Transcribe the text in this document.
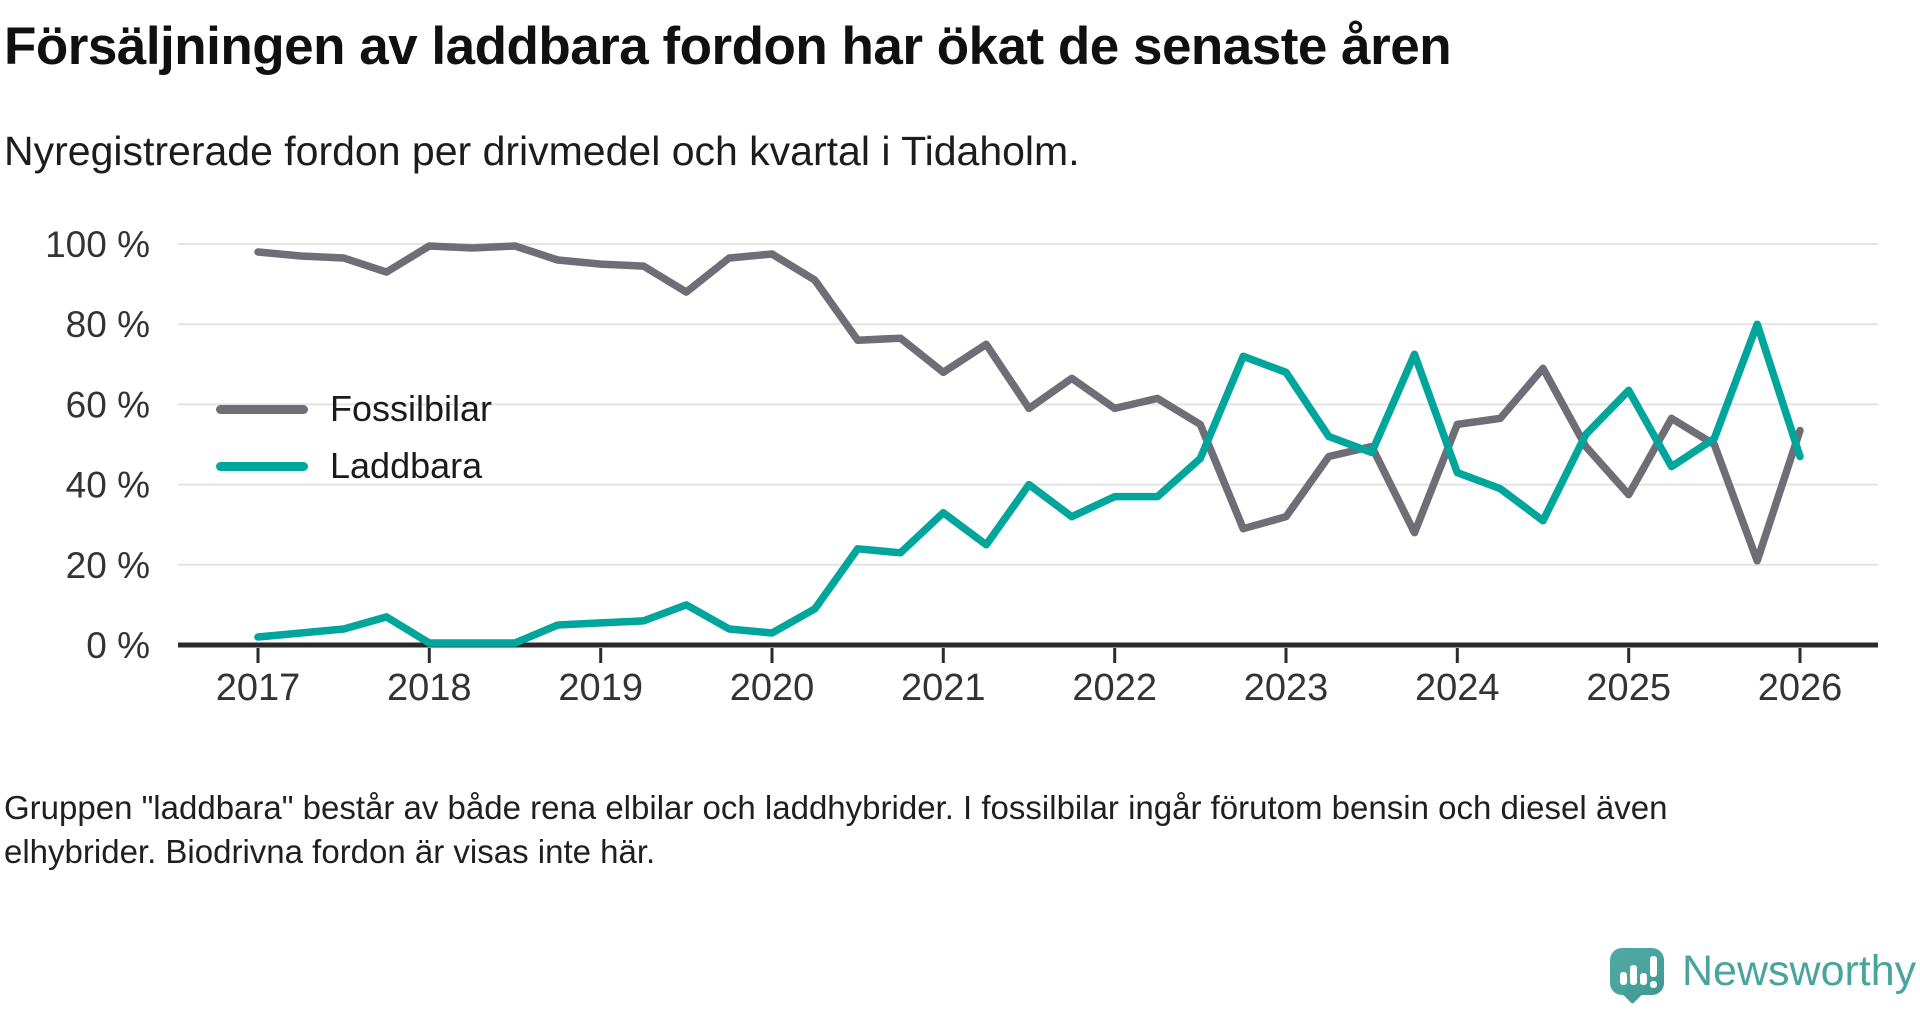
Försäljningen av laddbara fordon har ökat de senaste åren

Nyregistrerade fordon per drivmedel och kvartal i Tidaholm.

0 %
20 %
40 %
60 %
80 %
100 %
2017 2018 2019 2020 2021 2022 2023 2024 2025 2026
Fossilbilar
Laddbara

Gruppen "laddbara" består av både rena elbilar och laddhybrider. I fossilbilar ingår förutom bensin och diesel även
elhybrider. Biodrivna fordon är visas inte här.

Newsworthy
